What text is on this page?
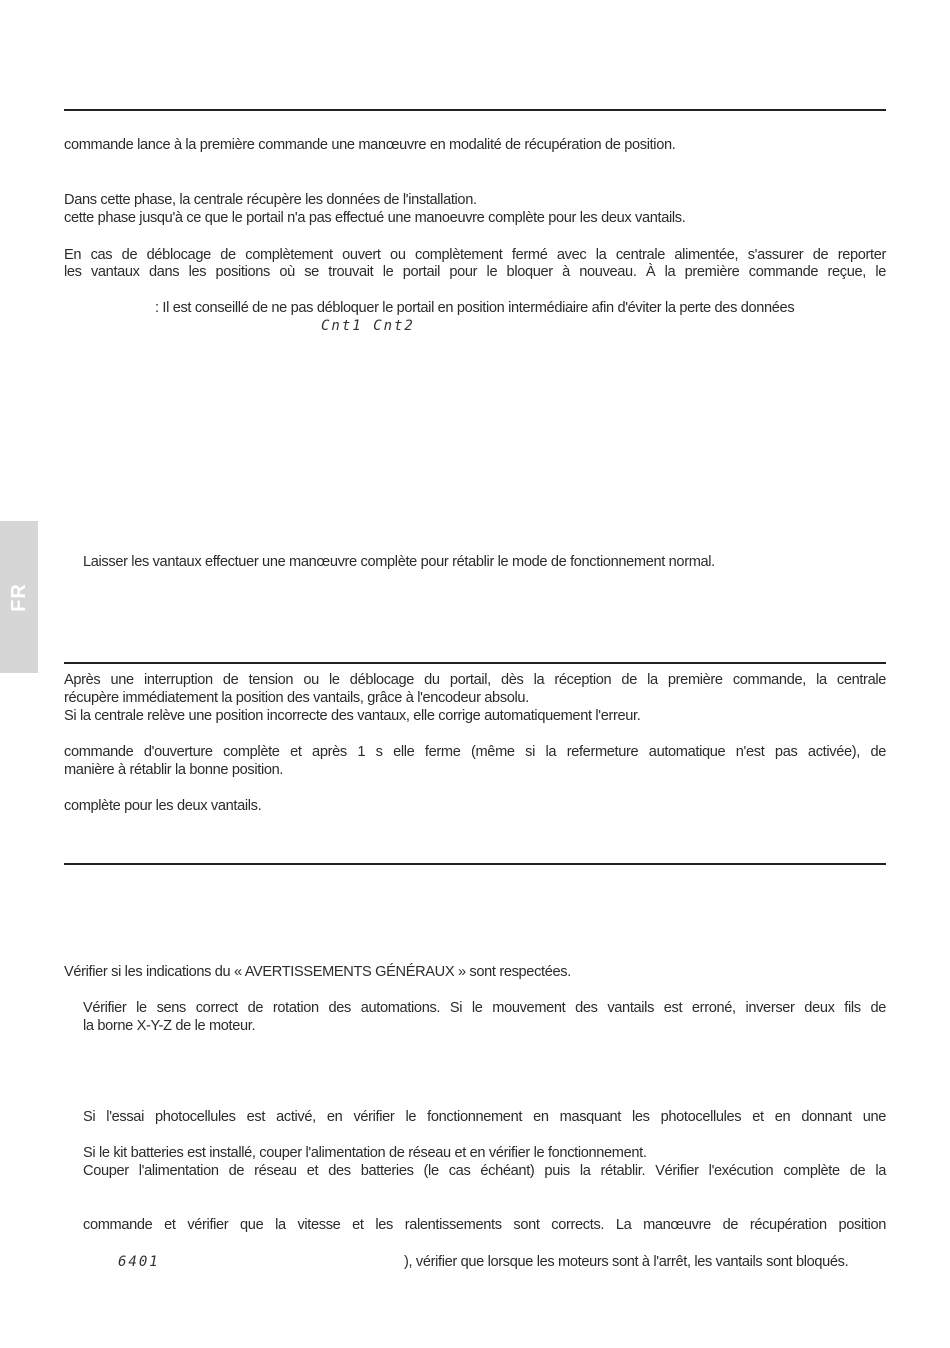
commande lance à la première commande une manœuvre en modalité de récupération de position.
Dans cette phase, la centrale récupère les données de l'installation.
cette phase jusqu'à ce que le portail n'a pas effectué une manoeuvre complète pour les deux vantails.
En cas de déblocage de complètement ouvert ou complètement fermé avec la centrale alimentée, s'assurer de reporter
les vantaux dans les positions où se trouvait le portail pour le bloquer à nouveau. À la première commande reçue, le
: Il est conseillé de ne pas débloquer le portail en position intermédiaire afin d'éviter la perte des données
Cnt1 Cnt2
Laisser les vantaux effectuer une manœuvre complète pour rétablir le mode de fonctionnement normal.
FR
Après une interruption de tension ou le déblocage du portail, dès la réception de la première commande, la centrale
récupère immédiatement la position des vantails, grâce à l'encodeur absolu.
Si la centrale relève une position incorrecte des vantaux, elle corrige automatiquement l'erreur.
commande d'ouverture complète et après 1 s elle ferme (même si la refermeture automatique n'est pas activée), de
manière à rétablir la bonne position.
complète pour les deux vantails.
Vérifier si les indications du « AVERTISSEMENTS GÉNÉRAUX » sont respectées.
Vérifier le sens correct de rotation des automations. Si le mouvement des vantails est erroné, inverser deux fils de
la borne X-Y-Z de le moteur.
Si l'essai photocellules est activé, en vérifier le fonctionnement en masquant les photocellules et en donnant une
Si le kit batteries est installé, couper l'alimentation de réseau et en vérifier le fonctionnement.
Couper l'alimentation de réseau et des batteries (le cas échéant) puis la rétablir. Vérifier l'exécution complète de la
commande et vérifier que la vitesse et les ralentissements sont corrects. La manœuvre de récupération position
6401	), vérifier que lorsque les moteurs sont à l'arrêt, les vantails sont bloqués.
